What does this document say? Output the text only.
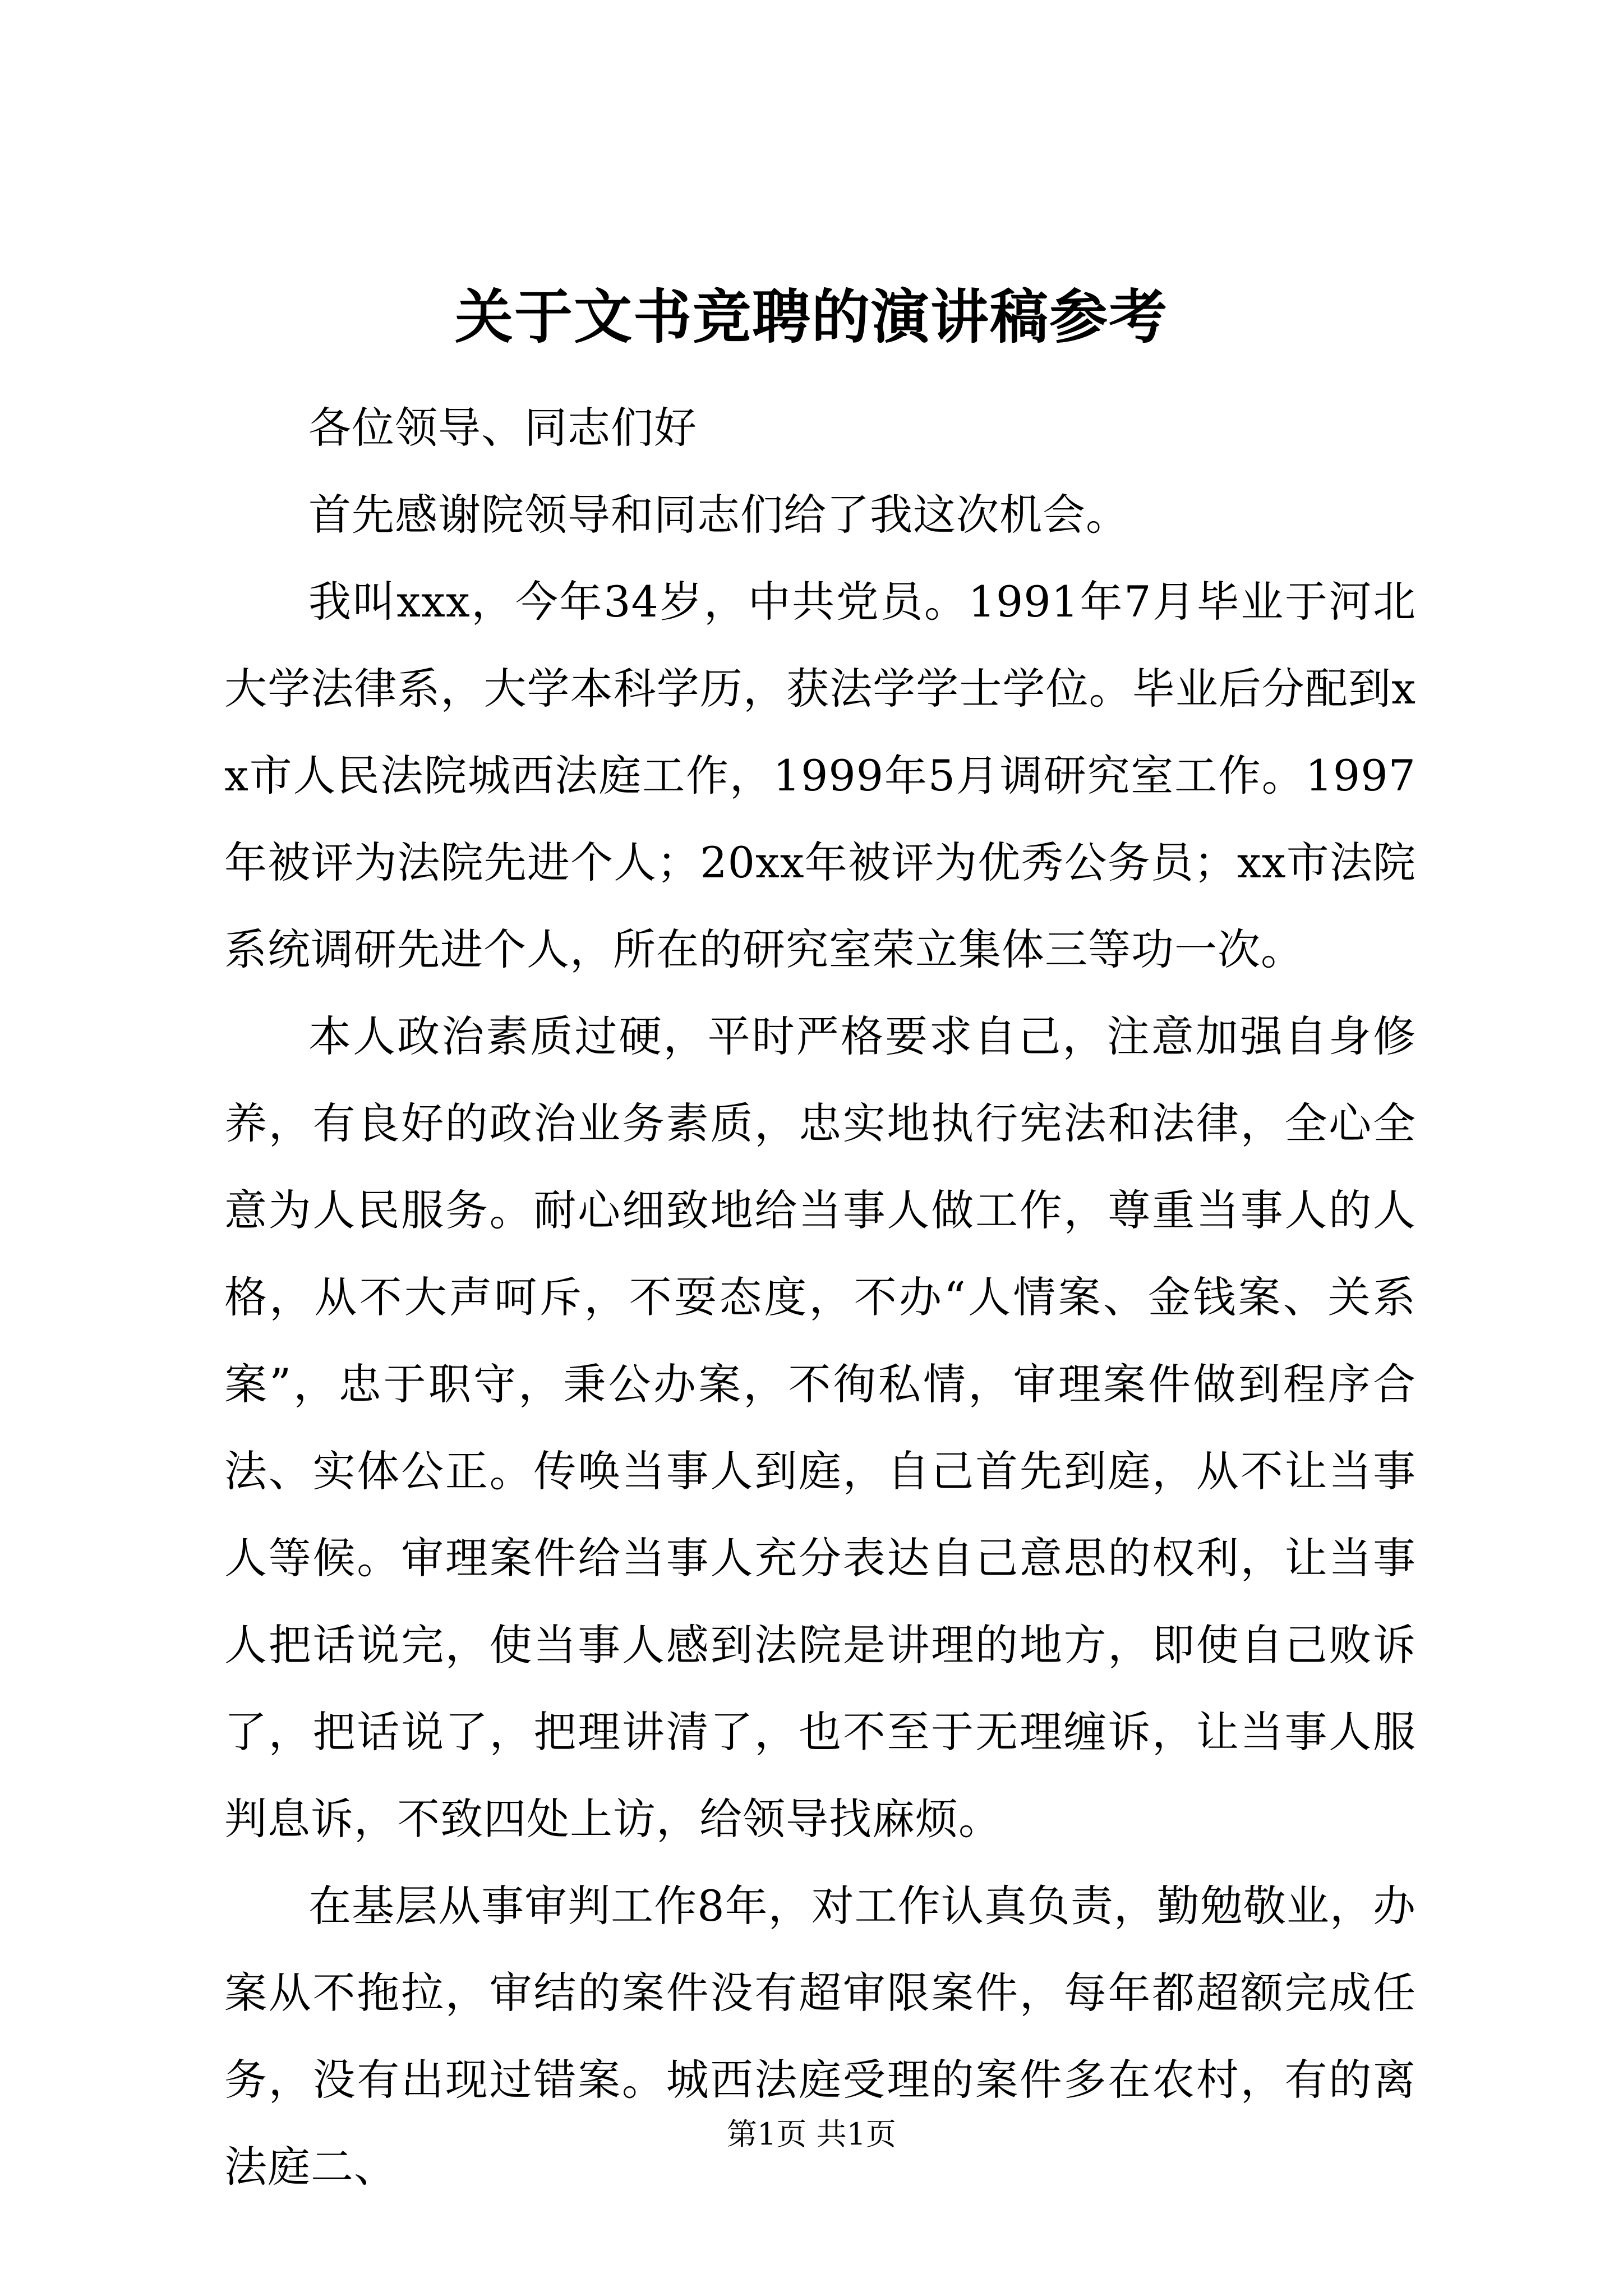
关于文书竞聘的演讲稿参考

各位领导、同志们好

首先感谢院领导和同志们给了我这次机会。

我叫xxx，今年34岁，中共党员。1991年7月毕业于河北大学法律系，大学本科学历，获法学学士学位。毕业后分配到xx市人民法院城西法庭工作，1999年5月调研究室工作。1997年被评为法院先进个人；20xx年被评为优秀公务员；xx市法院系统调研先进个人，所在的研究室荣立集体三等功一次。

本人政治素质过硬，平时严格要求自己，注意加强自身修养，有良好的政治业务素质，忠实地执行宪法和法律，全心全意为人民服务。耐心细致地给当事人做工作，尊重当事人的人格，从不大声呵斥，不耍态度，不办“人情案、金钱案、关系案”，忠于职守，秉公办案，不徇私情，审理案件做到程序合法、实体公正。传唤当事人到庭，自己首先到庭，从不让当事人等候。审理案件给当事人充分表达自己意思的权利，让当事人把话说完，使当事人感到法院是讲理的地方，即使自己败诉了，把话说了，把理讲清了，也不至于无理缠诉，让当事人服判息诉，不致四处上访，给领导找麻烦。

在基层从事审判工作8年，对工作认真负责，勤勉敬业，办案从不拖拉，审结的案件没有超审限案件，每年都超额完成任务，没有出现过错案。城西法庭受理的案件多在农村，有的离法庭二、

第1页 共1页
